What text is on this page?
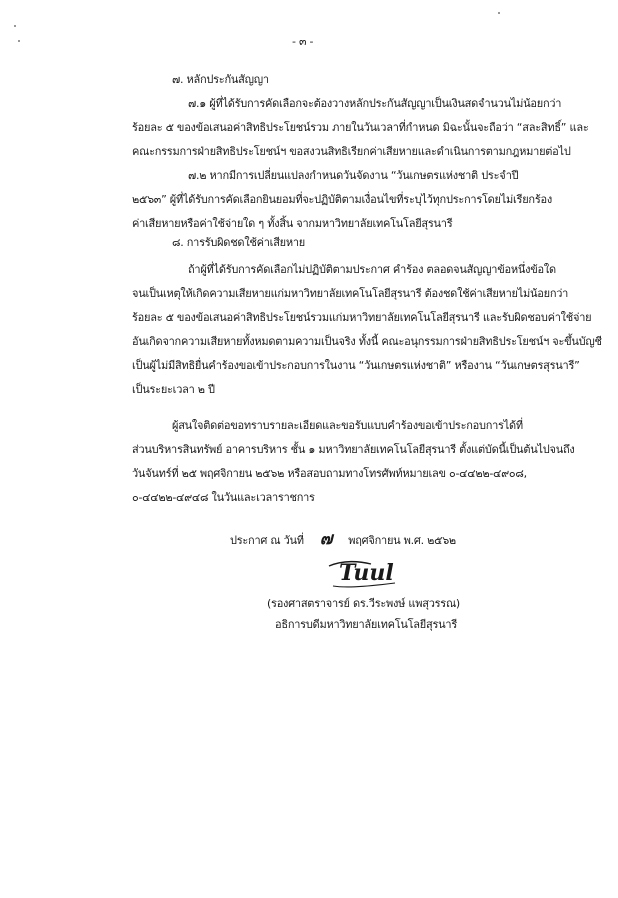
- ๓ -
๗. หลักประกันสัญญา
๗.๑ ผู้ที่ได้รับการคัดเลือกจะต้องวางหลักประกันสัญญาเป็นเงินสดจำนวนไม่น้อยกว่า
ร้อยละ ๕ ของข้อเสนอค่าสิทธิประโยชน์รวม ภายในวันเวลาที่กำหนด มิฉะนั้นจะถือว่า “สละสิทธิ์” และ
คณะกรรมการฝ่ายสิทธิประโยชน์ฯ ขอสงวนสิทธิเรียกค่าเสียหายและดำเนินการตามกฎหมายต่อไป
๗.๒ หากมีการเปลี่ยนแปลงกำหนดวันจัดงาน “วันเกษตรแห่งชาติ ประจำปี
๒๕๖๓” ผู้ที่ได้รับการคัดเลือกยินยอมที่จะปฏิบัติตามเงื่อนไขที่ระบุไว้ทุกประการโดยไม่เรียกร้อง
ค่าเสียหายหรือค่าใช้จ่ายใด ๆ ทั้งสิ้น จากมหาวิทยาลัยเทคโนโลยีสุรนารี
๘. การรับผิดชดใช้ค่าเสียหาย
ถ้าผู้ที่ได้รับการคัดเลือกไม่ปฏิบัติตามประกาศ คำร้อง ตลอดจนสัญญาข้อหนึ่งข้อใด
จนเป็นเหตุให้เกิดความเสียหายแก่มหาวิทยาลัยเทคโนโลยีสุรนารี ต้องชดใช้ค่าเสียหายไม่น้อยกว่า
ร้อยละ ๕ ของข้อเสนอค่าสิทธิประโยชน์รวมแก่มหาวิทยาลัยเทคโนโลยีสุรนารี และรับผิดชอบค่าใช้จ่าย
อันเกิดจากความเสียหายทั้งหมดตามความเป็นจริง ทั้งนี้ คณะอนุกรรมการฝ่ายสิทธิประโยชน์ฯ จะขึ้นบัญชี
เป็นผู้ไม่มีสิทธิยื่นคำร้องขอเข้าประกอบการในงาน “วันเกษตรแห่งชาติ” หรืองาน “วันเกษตรสุรนารี”
เป็นระยะเวลา ๒ ปี
ผู้สนใจติดต่อขอทราบรายละเอียดและขอรับแบบคำร้องขอเข้าประกอบการได้ที่
ส่วนบริหารสินทรัพย์ อาคารบริหาร ชั้น ๑ มหาวิทยาลัยเทคโนโลยีสุรนารี ตั้งแต่บัดนี้เป็นต้นไปจนถึง
วันจันทร์ที่ ๒๕ พฤศจิกายน ๒๕๖๒ หรือสอบถามทางโทรศัพท์หมายเลข ๐-๔๔๒๒-๔๙๐๘,
๐-๔๔๒๒-๔๙๔๘ ในวันและเวลาราชการ
ประกาศ ณ วันที่ ๗ พฤศจิกายน พ.ศ. ๒๕๖๒
Tuul
(รองศาสตราจารย์ ดร.วีระพงษ์ แพสุวรรณ)
อธิการบดีมหาวิทยาลัยเทคโนโลยีสุรนารี
